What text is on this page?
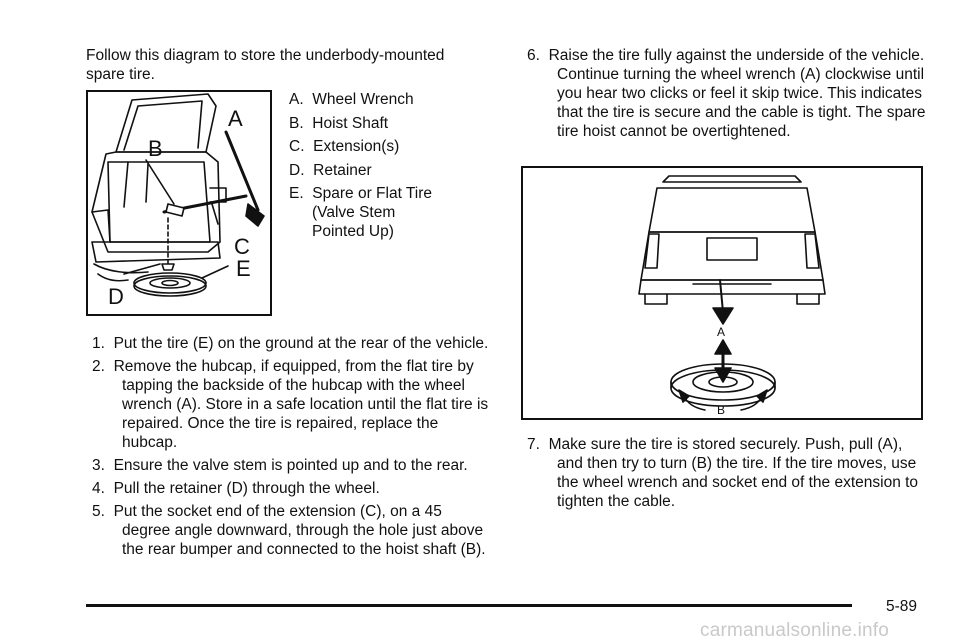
Follow this diagram to store the underbody-mounted spare tire.
A
B
C
D
E
A. Wheel Wrench
B. Hoist Shaft
C. Extension(s)
D. Retainer
E. Spare or Flat Tire (Valve Stem Pointed Up)
1. Put the tire (E) on the ground at the rear of the vehicle.
2. Remove the hubcap, if equipped, from the flat tire by tapping the backside of the hubcap with the wheel wrench (A). Store in a safe location until the flat tire is repaired. Once the tire is repaired, replace the hubcap.
3. Ensure the valve stem is pointed up and to the rear.
4. Pull the retainer (D) through the wheel.
5. Put the socket end of the extension (C), on a 45 degree angle downward, through the hole just above the rear bumper and connected to the hoist shaft (B).
6. Raise the tire fully against the underside of the vehicle. Continue turning the wheel wrench (A) clockwise until you hear two clicks or feel it skip twice. This indicates that the tire is secure and the cable is tight. The spare tire hoist cannot be overtightened.
A
B
7. Make sure the tire is stored securely. Push, pull (A), and then try to turn (B) the tire. If the tire moves, use the wheel wrench and socket end of the extension to tighten the cable.
5-89
carmanualsonline.info
